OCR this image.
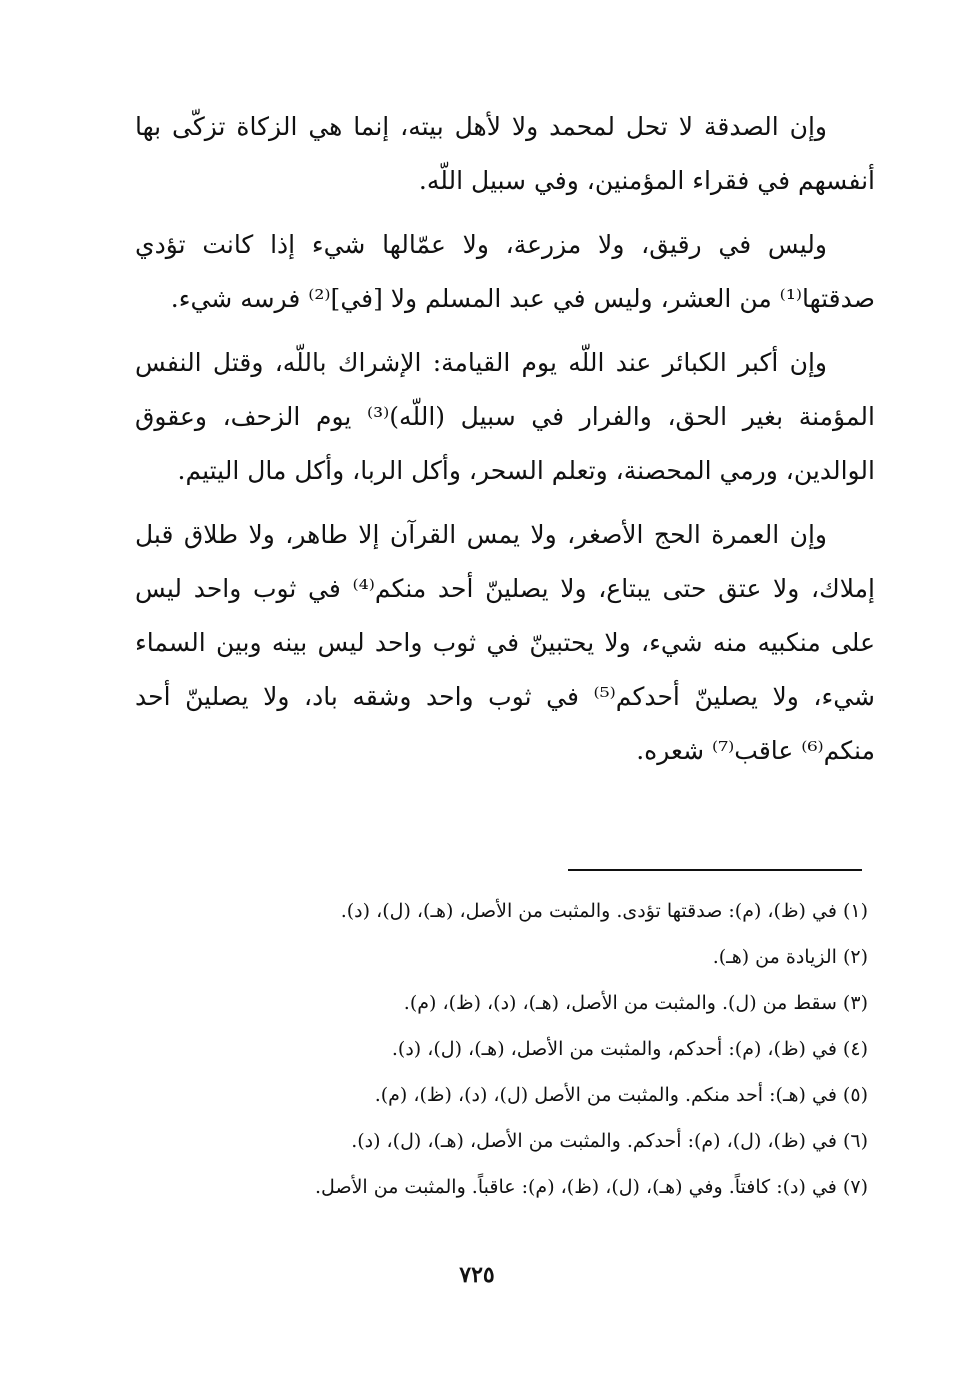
وإن الصدقة لا تحل لمحمد ولا لأهل بيته، إنما هي الزكاة تزكّى بها أنفسهم في فقراء المؤمنين، وفي سبيل اللّه.

وليس في رقيق، ولا مزرعة، ولا عمّالها شيء إذا كانت تؤدي صدقتها⁽¹⁾ من العشر، وليس في عبد المسلم ولا [في]⁽²⁾ فرسه شيء.

وإن أكبر الكبائر عند اللّه يوم القيامة: الإشراك باللّه، وقتل النفس المؤمنة بغير الحق، والفرار في سبيل (اللّه)⁽³⁾ يوم الزحف، وعقوق الوالدين، ورمي المحصنة، وتعلم السحر، وأكل الربا، وأكل مال اليتيم.

وإن العمرة الحج الأصغر، ولا يمس القرآن إلا طاهر، ولا طلاق قبل إملاك، ولا عتق حتى يبتاع، ولا يصلينّ أحد منكم⁽⁴⁾ في ثوب واحد ليس على منكبيه منه شيء، ولا يحتبينّ في ثوب واحد ليس بينه وبين السماء شيء، ولا يصلينّ أحدكم⁽⁵⁾ في ثوب واحد وشقه باد، ولا يصلينّ أحد منكم⁽⁶⁾ عاقب⁽⁷⁾ شعره.

(١) في (ظ)، (م): صدقتها تؤدى. والمثبت من الأصل، (هـ)، (ل)، (د).
(٢) الزيادة من (هـ).
(٣) سقط من (ل). والمثبت من الأصل، (هـ)، (د)، (ظ)، (م).
(٤) في (ظ)، (م): أحدكم، والمثبت من الأصل، (هـ)، (ل)، (د).
(٥) في (هـ): أحد منكم. والمثبت من الأصل (ل)، (د)، (ظ)، (م).
(٦) في (ظ)، (ل)، (م): أحدكم. والمثبت من الأصل، (هـ)، (ل)، (د).
(٧) في (د): كافتاً. وفي (هـ)، (ل)، (ظ)، (م): عاقباً. والمثبت من الأصل.
٧٢٥
